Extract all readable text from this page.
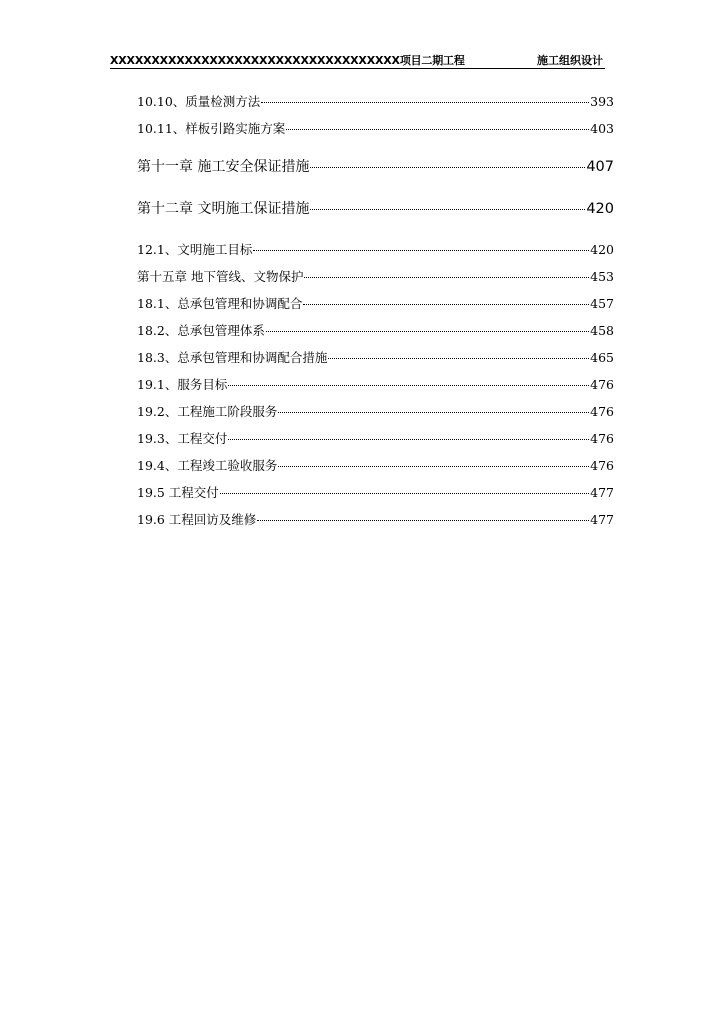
XXXXXXXXXXXXXXXXXXXXXXXXXXXXXXXXXXX项目二期工程	施工组织设计
10.10、质量检测方法	393
10.11、样板引路实施方案	403
第十一章 施工安全保证措施	407
第十二章 文明施工保证措施	420
12.1、文明施工目标	420
第十五章 地下管线、文物保护	453
18.1、总承包管理和协调配合	457
18.2、总承包管理体系	458
18.3、总承包管理和协调配合措施	465
19.1、服务目标	476
19.2、工程施工阶段服务	476
19.3、工程交付	476
19.4、工程竣工验收服务	476
19.5 工程交付	477
19.6 工程回访及维修	477
